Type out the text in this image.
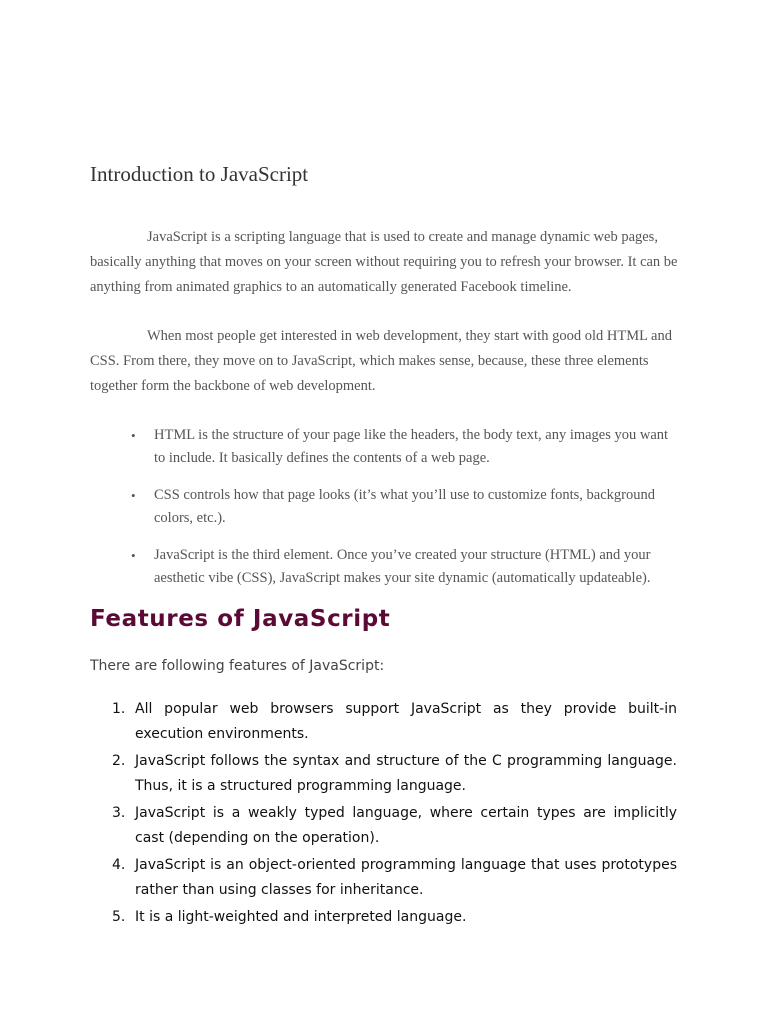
Introduction to JavaScript

JavaScript is a scripting language that is used to create and manage dynamic web pages, basically anything that moves on your screen without requiring you to refresh your browser. It can be anything from animated graphics to an automatically generated Facebook timeline.

When most people get interested in web development, they start with good old HTML and CSS. From there, they move on to JavaScript, which makes sense, because, these three elements together form the backbone of web development.

• HTML is the structure of your page like the headers, the body text, any images you want to include. It basically defines the contents of a web page.
• CSS controls how that page looks (it’s what you’ll use to customize fonts, background colors, etc.).
• JavaScript is the third element. Once you’ve created your structure (HTML) and your aesthetic vibe (CSS), JavaScript makes your site dynamic (automatically updateable).
Features of JavaScript

There are following features of JavaScript:

1. All popular web browsers support JavaScript as they provide built-in execution environments.
2. JavaScript follows the syntax and structure of the C programming language. Thus, it is a structured programming language.
3. JavaScript is a weakly typed language, where certain types are implicitly cast (depending on the operation).
4. JavaScript is an object-oriented programming language that uses prototypes rather than using classes for inheritance.
5. It is a light-weighted and interpreted language.
